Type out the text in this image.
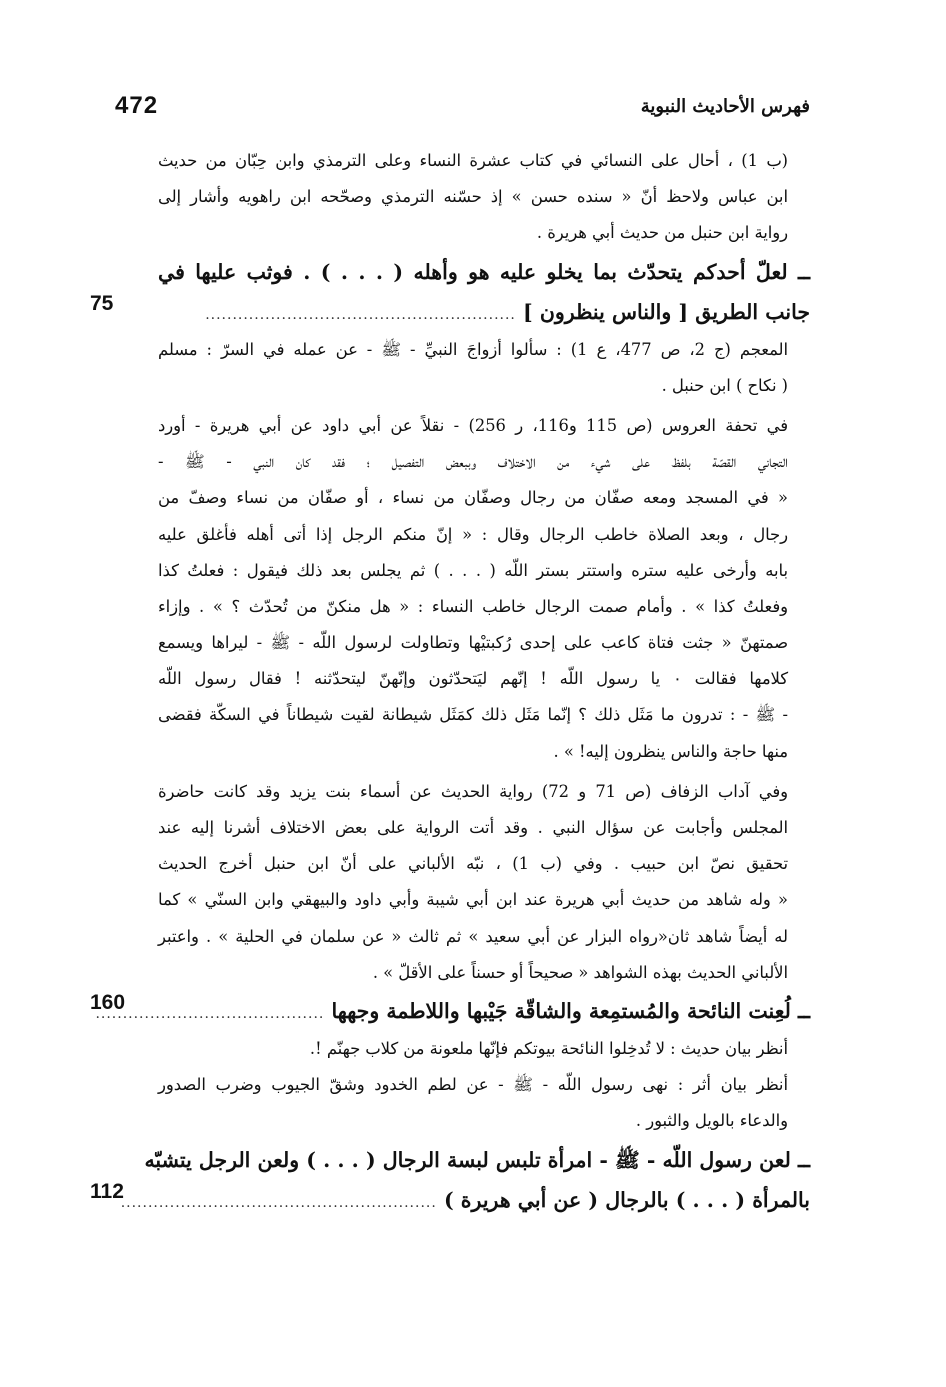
472	فهرس الأحاديث النبوية
(ب 1) ، أحال على النسائي في كتاب عشرة النساء وعلى الترمذي وابن حِبّان من حديث
ابن عباس ولاحظ أنّ « سنده حسن » إذ حسّنه الترمذي وصحّحه ابن راهويه وأشار إلى
رواية ابن حنبل من حديث أبي هريرة .
ــ لعلّ أحدكم يتحدّث بما يخلو عليه هو وأهله ( . . . ) . فوثب عليها في
جانب الطريق [ والناس ينظرون ] .........................................................
75
المعجم (ج 2، ص 477، ع 1) : سألوا أزواجَ النبيِّ - ﷺ - عن عمله في السرّ : مسلم
( نكاح ) ابن حنبل .
في تحفة العروس (ص 115 و116، ر 256) - نقلاً عن أبي داود عن أبي هريرة - أورد
التجاني القصّة بلفظ على شيء من الاختلاف وببعض التفصيل ؛ فقد كان النبي - ﷺ -
« في المسجد ومعه صفّان من رجال وصفّان من نساء ، أو صفّان من نساء وصفّ من
رجال ، وبعد الصلاة خاطب الرجال وقال : « إنّ منكم الرجل إذا أتى أهله فأغلق عليه
بابه وأرخى عليه ستره واستتر بستر اللّه ( . . . ) ثم يجلس بعد ذلك فيقول : فعلتُ كذا
وفعلتُ كذا » . وأمام صمت الرجال خاطب النساء : « هل منكنّ من تُحدّث ؟ » . وإزاء
صمتهنّ « جثت فتاة كاعب على إحدى رُكبتيْها وتطاولت لرسول اللّه - ﷺ - ليراها ويسمع
كلامها فقالت ٠ يا رسول اللّه ! إنّهم ليَتحدّثون وإنّهنّ ليتحدّثنه ! فقال رسول اللّه
- ﷺ - : تدرون ما مَثَل ذلك ؟ إنّما مَثَل ذلك كمَثَل شيطانة لقيت شيطاناً في السكّة فقضى
منها حاجة والناس ينظرون إليه! » .
وفي آداب الزفاف (ص 71 و 72) رواية الحديث عن أسماء بنت يزيد وقد كانت حاضرة
المجلس وأجابت عن سؤال النبي . وقد أتت الرواية على بعض الاختلاف أشرنا إليه عند
تحقيق نصّ ابن حبيب . وفي (ب 1) ، نبّه الألباني على أنّ ابن حنبل أخرج الحديث
« وله شاهد من حديث أبي هريرة عند ابن أبي شيبة وأبي داود والبيهقي وابن السنّي » كما
له أيضاً شاهد ثان«رواه البزار عن أبي سعيد » ثم ثالث « عن سلمان في الحلية » . واعتبر
الألباني الحديث بهذه الشواهد « صحيحاً أو حسناً على الأقلّ » .
ــ لُعِنت النائحة والمُستمِعة والشاقّة جَيْبها واللاطمة وجهها ..........................................
160
أنظر بيان حديث : لا تُدخِلوا النائحة بيوتكم فإنّها ملعونة من كلاب جهنّم !.
أنظر بيان أثر : نهى رسول اللّه - ﷺ - عن لطم الخدود وشقّ الجيوب وضرب الصدور
والدعاء بالويل والثبور .
ــ لعن رسول اللّه - ﷺ - امرأة تلبس لبسة الرجال ( . . . ) ولعن الرجل يتشبّه
بالمرأة ( . . . ) بالرجال ( عن أبي هريرة ) ..........................................................
112
